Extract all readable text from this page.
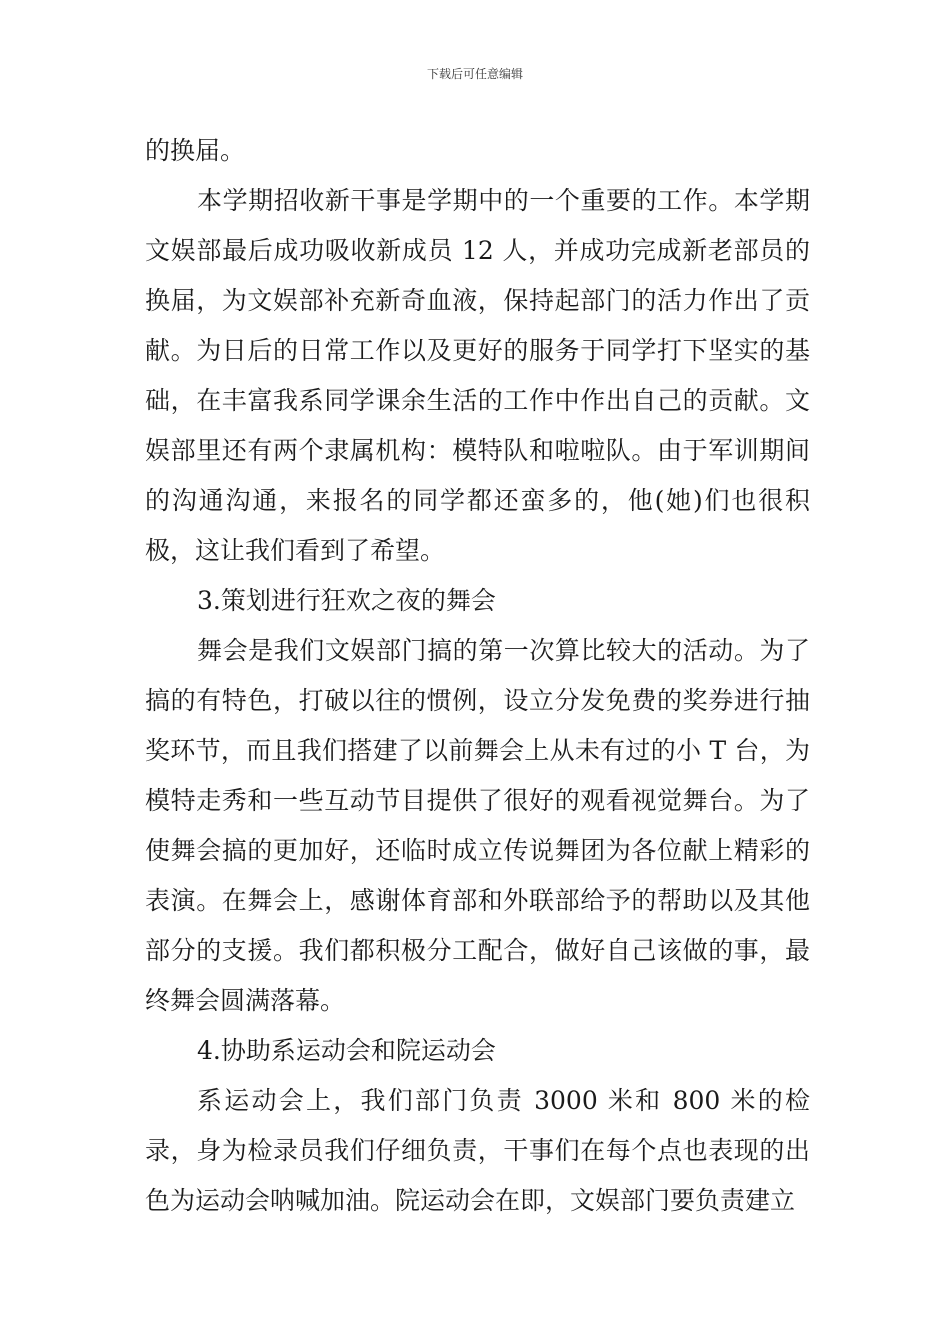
下载后可任意编辑

的换届。

本学期招收新干事是学期中的一个重要的工作。本学期文娱部最后成功吸收新成员 12 人，并成功完成新老部员的换届，为文娱部补充新奇血液，保持起部门的活力作出了贡献。为日后的日常工作以及更好的服务于同学打下坚实的基础，在丰富我系同学课余生活的工作中作出自己的贡献。文娱部里还有两个隶属机构：模特队和啦啦队。由于军训期间的沟通沟通，来报名的同学都还蛮多的，他(她)们也很积极，这让我们看到了希望。

3.策划进行狂欢之夜的舞会

舞会是我们文娱部门搞的第一次算比较大的活动。为了搞的有特色，打破以往的惯例，设立分发免费的奖券进行抽奖环节，而且我们搭建了以前舞会上从未有过的小 T 台，为模特走秀和一些互动节目提供了很好的观看视觉舞台。为了使舞会搞的更加好，还临时成立传说舞团为各位献上精彩的表演。在舞会上，感谢体育部和外联部给予的帮助以及其他部分的支援。我们都积极分工配合，做好自己该做的事，最终舞会圆满落幕。

4.协助系运动会和院运动会

系运动会上，我们部门负责 3000 米和 800 米的检录，身为检录员我们仔细负责，干事们在每个点也表现的出色为运动会呐喊加油。院运动会在即，文娱部门要负责建立
